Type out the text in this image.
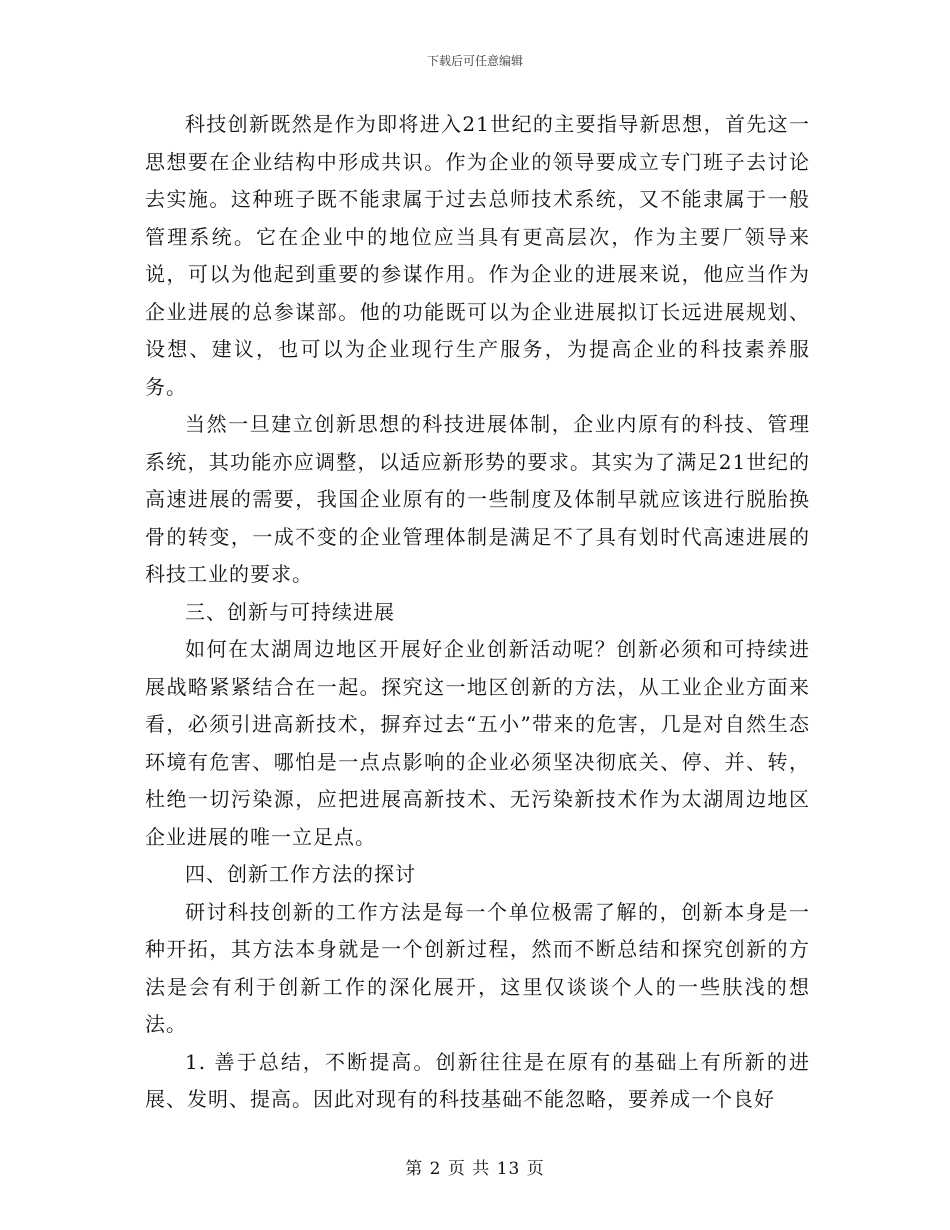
下载后可任意编辑

科技创新既然是作为即将进入21世纪的主要指导新思想，首先这一思想要在企业结构中形成共识。作为企业的领导要成立专门班子去讨论去实施。这种班子既不能隶属于过去总师技术系统，又不能隶属于一般管理系统。它在企业中的地位应当具有更高层次，作为主要厂领导来说，可以为他起到重要的参谋作用。作为企业的进展来说，他应当作为企业进展的总参谋部。他的功能既可以为企业进展拟订长远进展规划、设想、建议，也可以为企业现行生产服务，为提高企业的科技素养服务。

当然一旦建立创新思想的科技进展体制，企业内原有的科技、管理系统，其功能亦应调整，以适应新形势的要求。其实为了满足21世纪的高速进展的需要，我国企业原有的一些制度及体制早就应该进行脱胎换骨的转变，一成不变的企业管理体制是满足不了具有划时代高速进展的科技工业的要求。

三、创新与可持续进展

如何在太湖周边地区开展好企业创新活动呢？创新必须和可持续进展战略紧紧结合在一起。探究这一地区创新的方法，从工业企业方面来看，必须引进高新技术，摒弃过去“五小”带来的危害，几是对自然生态环境有危害、哪怕是一点点影响的企业必须坚决彻底关、停、并、转，杜绝一切污染源，应把进展高新技术、无污染新技术作为太湖周边地区企业进展的唯一立足点。

四、创新工作方法的探讨

研讨科技创新的工作方法是每一个单位极需了解的，创新本身是一种开拓，其方法本身就是一个创新过程，然而不断总结和探究创新的方法是会有利于创新工作的深化展开，这里仅谈谈个人的一些肤浅的想法。

1. 善于总结，不断提高。创新往往是在原有的基础上有所新的进展、发明、提高。因此对现有的科技基础不能忽略，要养成一个良好

第 2 页 共 13 页
